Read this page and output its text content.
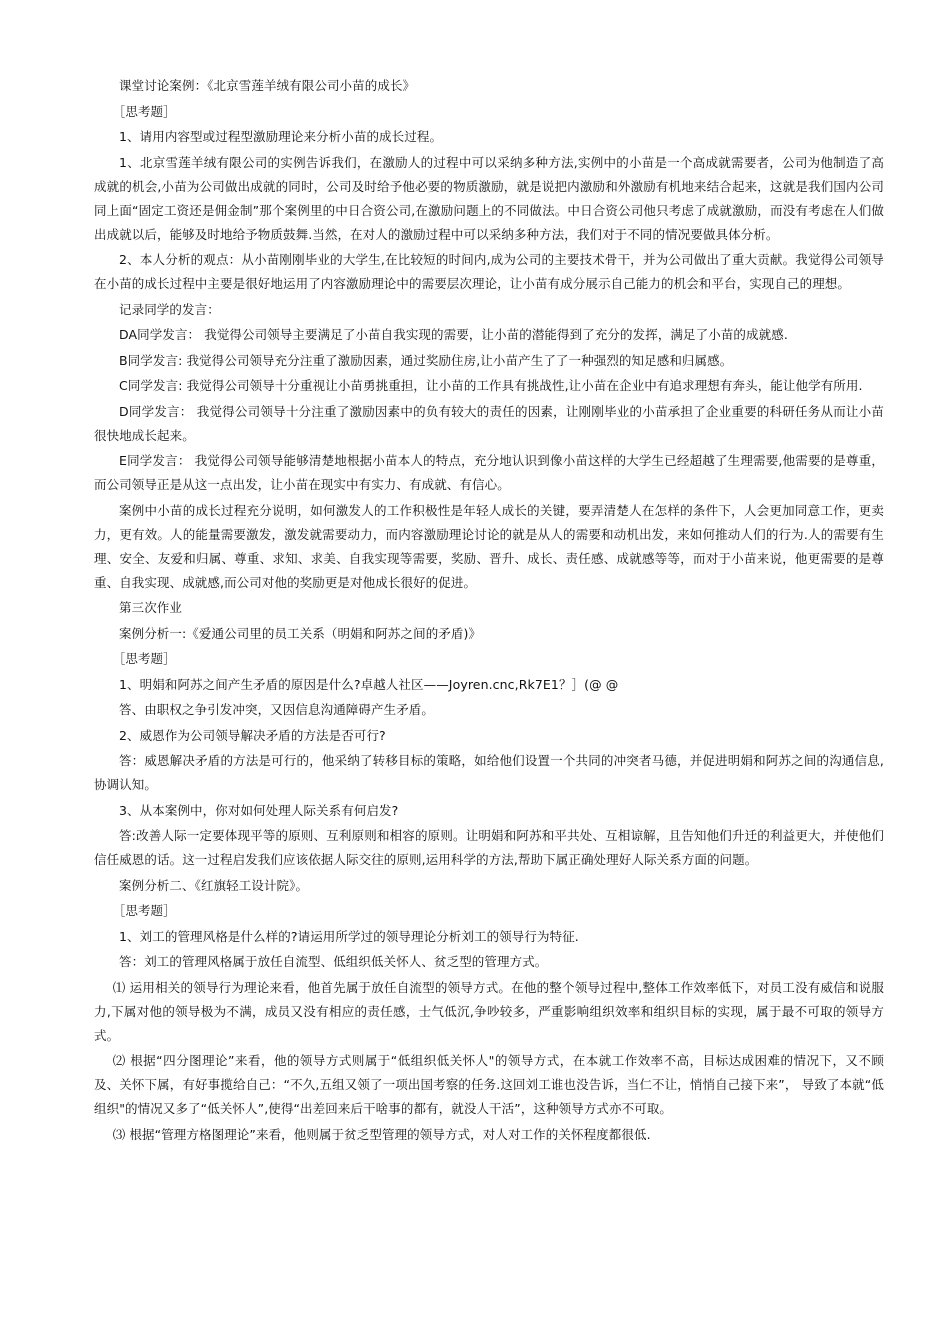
课堂讨论案例：《北京雪莲羊绒有限公司小苗的成长》

［思考题］

1、请用内容型或过程型激励理论来分析小苗的成长过程。

1、北京雪莲羊绒有限公司的实例告诉我们，在激励人的过程中可以采纳多种方法,实例中的小苗是一个高成就需要者，公司为他制造了高成就的机会,小苗为公司做出成就的同时，公司及时给予他必要的物质激励，就是说把内激励和外激励有机地来结合起来，这就是我们国内公司同上面“固定工资还是佣金制”那个案例里的中日合资公司,在激励问题上的不同做法。中日合资公司他只考虑了成就激励，而没有考虑在人们做出成就以后，能够及时地给予物质鼓舞.当然，在对人的激励过程中可以采纳多种方法，我们对于不同的情况要做具体分析。

2、本人分析的观点：从小苗刚刚毕业的大学生,在比较短的时间内,成为公司的主要技术骨干，并为公司做出了重大贡献。我觉得公司领导在小苗的成长过程中主要是很好地运用了内容激励理论中的需要层次理论，让小苗有成分展示自己能力的机会和平台，实现自己的理想。

记录同学的发言：

DA同学发言： 我觉得公司领导主要满足了小苗自我实现的需要，让小苗的潜能得到了充分的发挥，满足了小苗的成就感.

B同学发言: 我觉得公司领导充分注重了激励因素，通过奖励住房,让小苗产生了了一种强烈的知足感和归属感。

C同学发言: 我觉得公司领导十分重视让小苗勇挑重担，让小苗的工作具有挑战性,让小苗在企业中有追求理想有奔头，能让他学有所用.

D同学发言： 我觉得公司领导十分注重了激励因素中的负有较大的责任的因素，让刚刚毕业的小苗承担了企业重要的科研任务从而让小苗很快地成长起来。

E同学发言： 我觉得公司领导能够清楚地根据小苗本人的特点，充分地认识到像小苗这样的大学生已经超越了生理需要,他需要的是尊重，而公司领导正是从这一点出发，让小苗在现实中有实力、有成就、有信心。

案例中小苗的成长过程充分说明，如何激发人的工作积极性是年轻人成长的关键，要弄清楚人在怎样的条件下，人会更加同意工作，更卖力，更有效。人的能量需要激发，激发就需要动力，而内容激励理论讨论的就是从人的需要和动机出发，来如何推动人们的行为.人的需要有生理、安全、友爱和归属、尊重、求知、求美、自我实现等需要，奖励、晋升、成长、责任感、成就感等等，而对于小苗来说，他更需要的是尊重、自我实现、成就感,而公司对他的奖励更是对他成长很好的促进。

第三次作业

案例分析一:《爱通公司里的员工关系（明娟和阿苏之间的矛盾)》

［思考题］

1、明娟和阿苏之间产生矛盾的原因是什么?卓越人社区——Joyren.cnc,Rk7E1？］(@ @

答、由职权之争引发冲突，又因信息沟通障碍产生矛盾。

2、威恩作为公司领导解决矛盾的方法是否可行?

答：威恩解决矛盾的方法是可行的，他采纳了转移目标的策略，如给他们设置一个共同的冲突者马德，并促进明娟和阿苏之间的沟通信息,协调认知。

3、从本案例中，你对如何处理人际关系有何启发?

答:改善人际一定要体现平等的原则、互利原则和相容的原则。让明娟和阿苏和平共处、互相谅解，且告知他们升迁的利益更大，并使他们信任威恩的话。这一过程启发我们应该依据人际交往的原则,运用科学的方法,帮助下属正确处理好人际关系方面的问题。

案例分析二、《红旗轻工设计院》。

［思考题］

1、刘工的管理风格是什么样的?请运用所学过的领导理论分析刘工的领导行为特征.

答：刘工的管理风格属于放任自流型、低组织低关怀人、贫乏型的管理方式。

⑴ 运用相关的领导行为理论来看，他首先属于放任自流型的领导方式。在他的整个领导过程中,整体工作效率低下，对员工没有威信和说服力,下属对他的领导极为不满，成员又没有相应的责任感，士气低沉,争吵较多，严重影响组织效率和组织目标的实现，属于最不可取的领导方式。

⑵ 根据“四分图理论”来看，他的领导方式则属于“低组织低关怀人"的领导方式，在本就工作效率不高，目标达成困难的情况下，又不顾及、关怀下属，有好事揽给自己：“不久,五组又领了一项出国考察的任务.这回刘工谁也没告诉，当仁不让，悄悄自己接下来”， 导致了本就“低组织"的情况又多了“低关怀人”,使得“出差回来后干啥事的都有，就没人干活”，这种领导方式亦不可取。

⑶ 根据“管理方格图理论”来看，他则属于贫乏型管理的领导方式，对人对工作的关怀程度都很低.
